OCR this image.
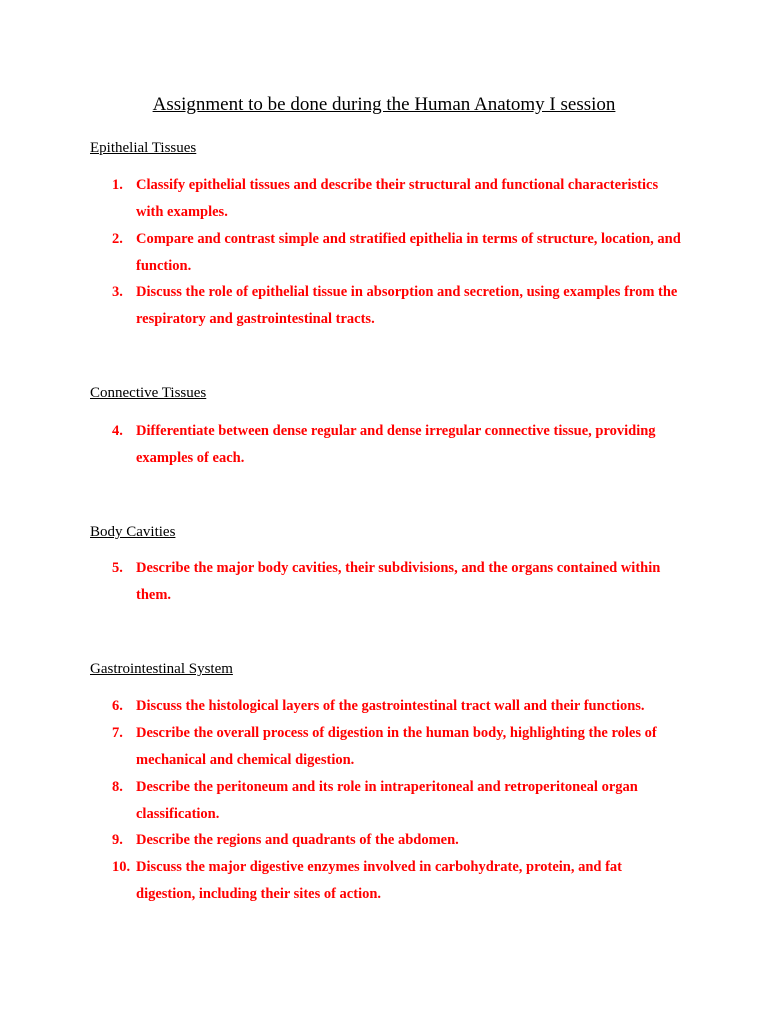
Assignment to be done during the Human Anatomy I session
Epithelial Tissues
1. Classify epithelial tissues and describe their structural and functional characteristics with examples.
2. Compare and contrast simple and stratified epithelia in terms of structure, location, and function.
3. Discuss the role of epithelial tissue in absorption and secretion, using examples from the respiratory and gastrointestinal tracts.
Connective Tissues
4. Differentiate between dense regular and dense irregular connective tissue, providing examples of each.
Body Cavities
5. Describe the major body cavities, their subdivisions, and the organs contained within them.
Gastrointestinal System
6. Discuss the histological layers of the gastrointestinal tract wall and their functions.
7. Describe the overall process of digestion in the human body, highlighting the roles of mechanical and chemical digestion.
8. Describe the peritoneum and its role in intraperitoneal and retroperitoneal organ classification.
9. Describe the regions and quadrants of the abdomen.
10. Discuss the major digestive enzymes involved in carbohydrate, protein, and fat digestion, including their sites of action.
